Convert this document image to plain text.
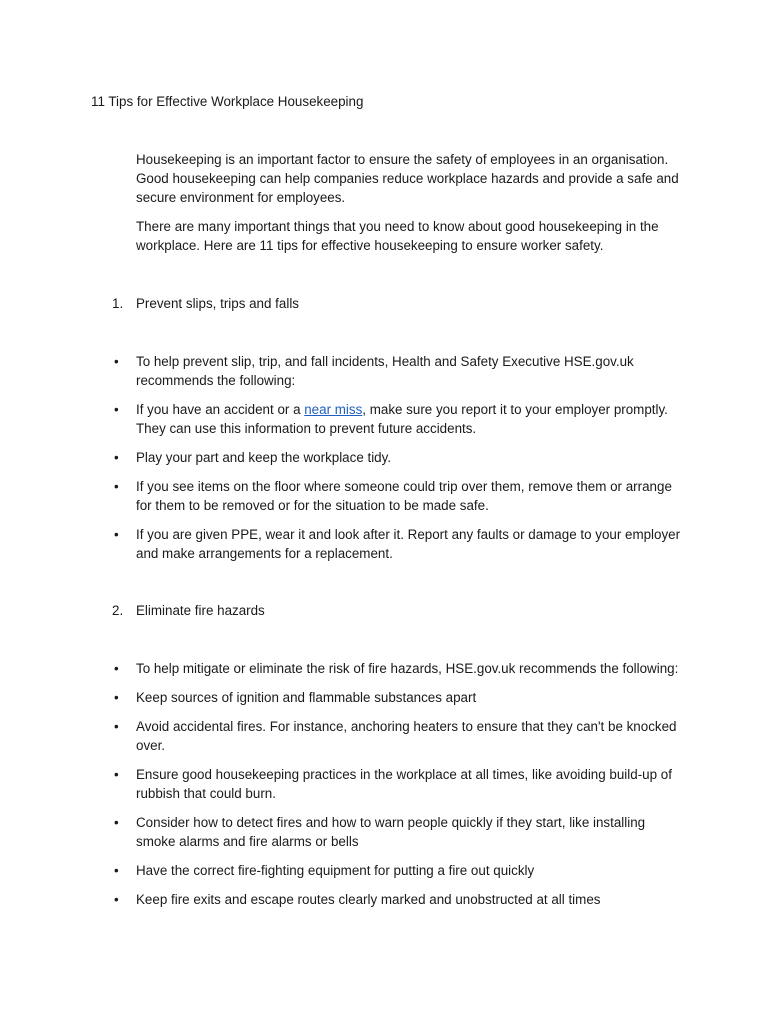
11 Tips for Effective Workplace Housekeeping

Housekeeping is an important factor to ensure the safety of employees in an organisation. Good housekeeping can help companies reduce workplace hazards and provide a safe and secure environment for employees.

There are many important things that you need to know about good housekeeping in the workplace. Here are 11 tips for effective housekeeping to ensure worker safety.

1. Prevent slips, trips and falls
• To help prevent slip, trip, and fall incidents, Health and Safety Executive HSE.gov.uk recommends the following:
• If you have an accident or a near miss, make sure you report it to your employer promptly. They can use this information to prevent future accidents.
• Play your part and keep the workplace tidy.
• If you see items on the floor where someone could trip over them, remove them or arrange for them to be removed or for the situation to be made safe.
• If you are given PPE, wear it and look after it. Report any faults or damage to your employer and make arrangements for a replacement.
2. Eliminate fire hazards
• To help mitigate or eliminate the risk of fire hazards, HSE.gov.uk recommends the following:
• Keep sources of ignition and flammable substances apart
• Avoid accidental fires. For instance, anchoring heaters to ensure that they can't be knocked over.
• Ensure good housekeeping practices in the workplace at all times, like avoiding build-up of rubbish that could burn.
• Consider how to detect fires and how to warn people quickly if they start, like installing smoke alarms and fire alarms or bells
• Have the correct fire-fighting equipment for putting a fire out quickly
• Keep fire exits and escape routes clearly marked and unobstructed at all times
